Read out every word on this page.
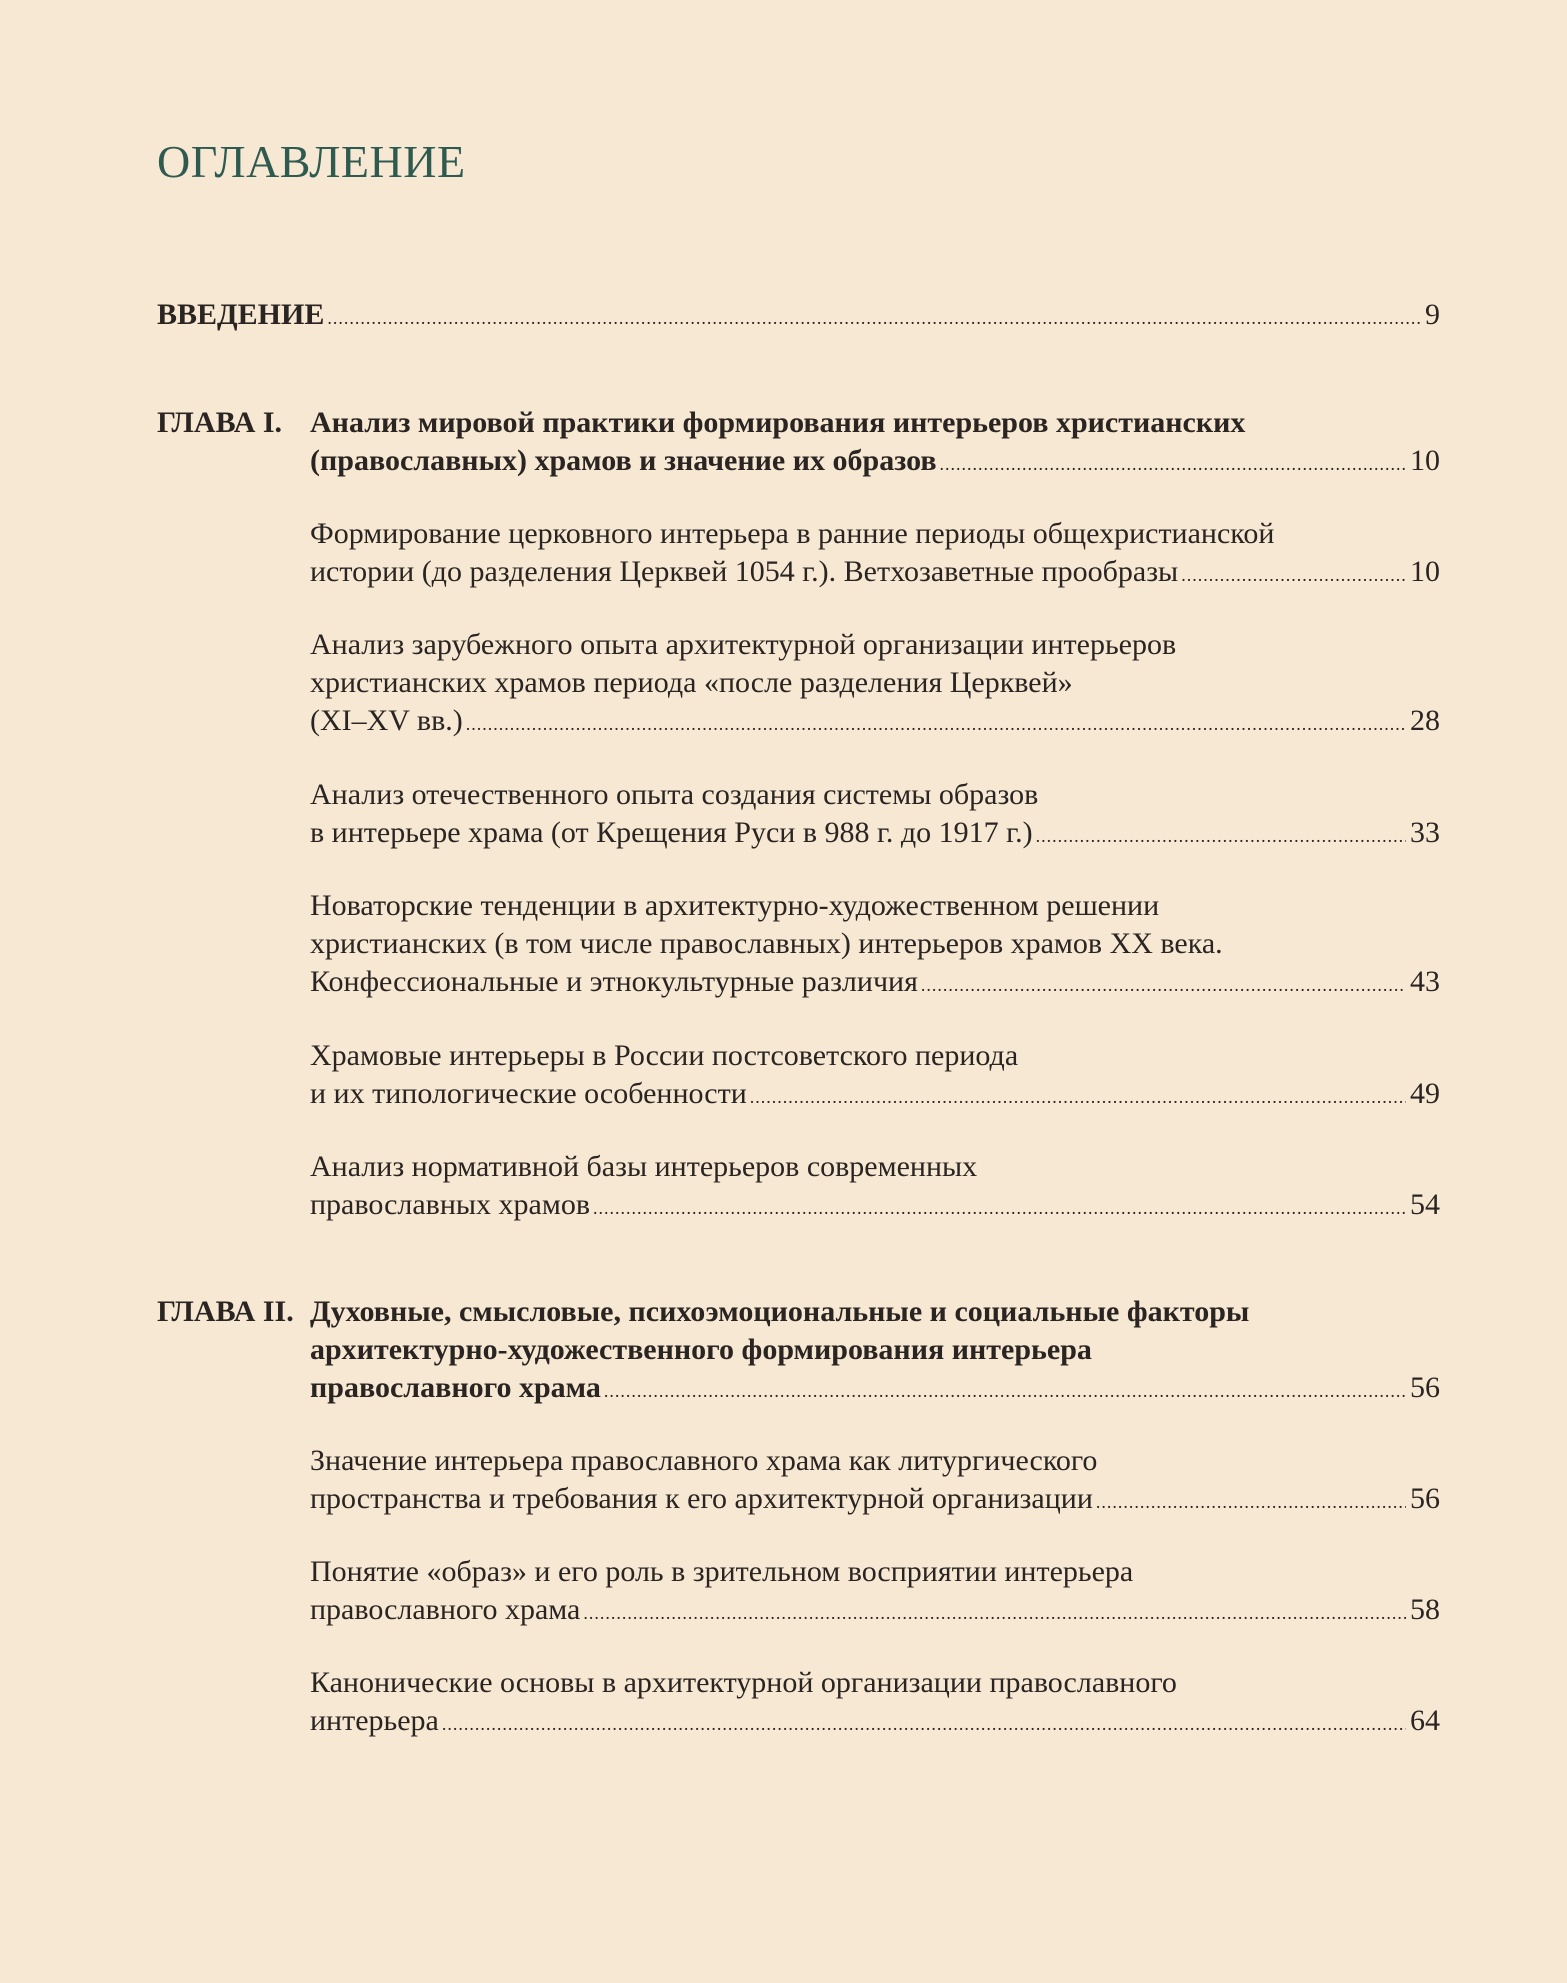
ОГЛАВЛЕНИЕ
ВВЕДЕНИЕ .....	9
ГЛАВА I. Анализ мировой практики формирования интерьеров христианских
(православных) храмов и значение их образов .....	10
Формирование церковного интерьера в ранние периоды общехристианской
истории (до разделения Церквей 1054 г.). Ветхозаветные прообразы .....	10
Анализ зарубежного опыта архитектурной организации интерьеров
христианских храмов периода «после разделения Церквей»
(XI–XV вв.) .....	28
Анализ отечественного опыта создания системы образов
в интерьере храма (от Крещения Руси в 988 г. до 1917 г.) .....	33
Новаторские тенденции в архитектурно-художественном решении
христианских (в том числе православных) интерьеров храмов XX века.
Конфессиональные и этнокультурные различия .....	43
Храмовые интерьеры в России постсоветского периода
и их типологические особенности .....	49
Анализ нормативной базы интерьеров современных
православных храмов .....	54
ГЛАВА II. Духовные, смысловые, психоэмоциональные и социальные факторы
архитектурно-художественного формирования интерьера
православного храма .....	56
Значение интерьера православного храма как литургического
пространства и требования к его архитектурной организации .....	56
Понятие «образ» и его роль в зрительном восприятии интерьера
православного храма .....	58
Канонические основы в архитектурной организации православного
интерьера .....	64
